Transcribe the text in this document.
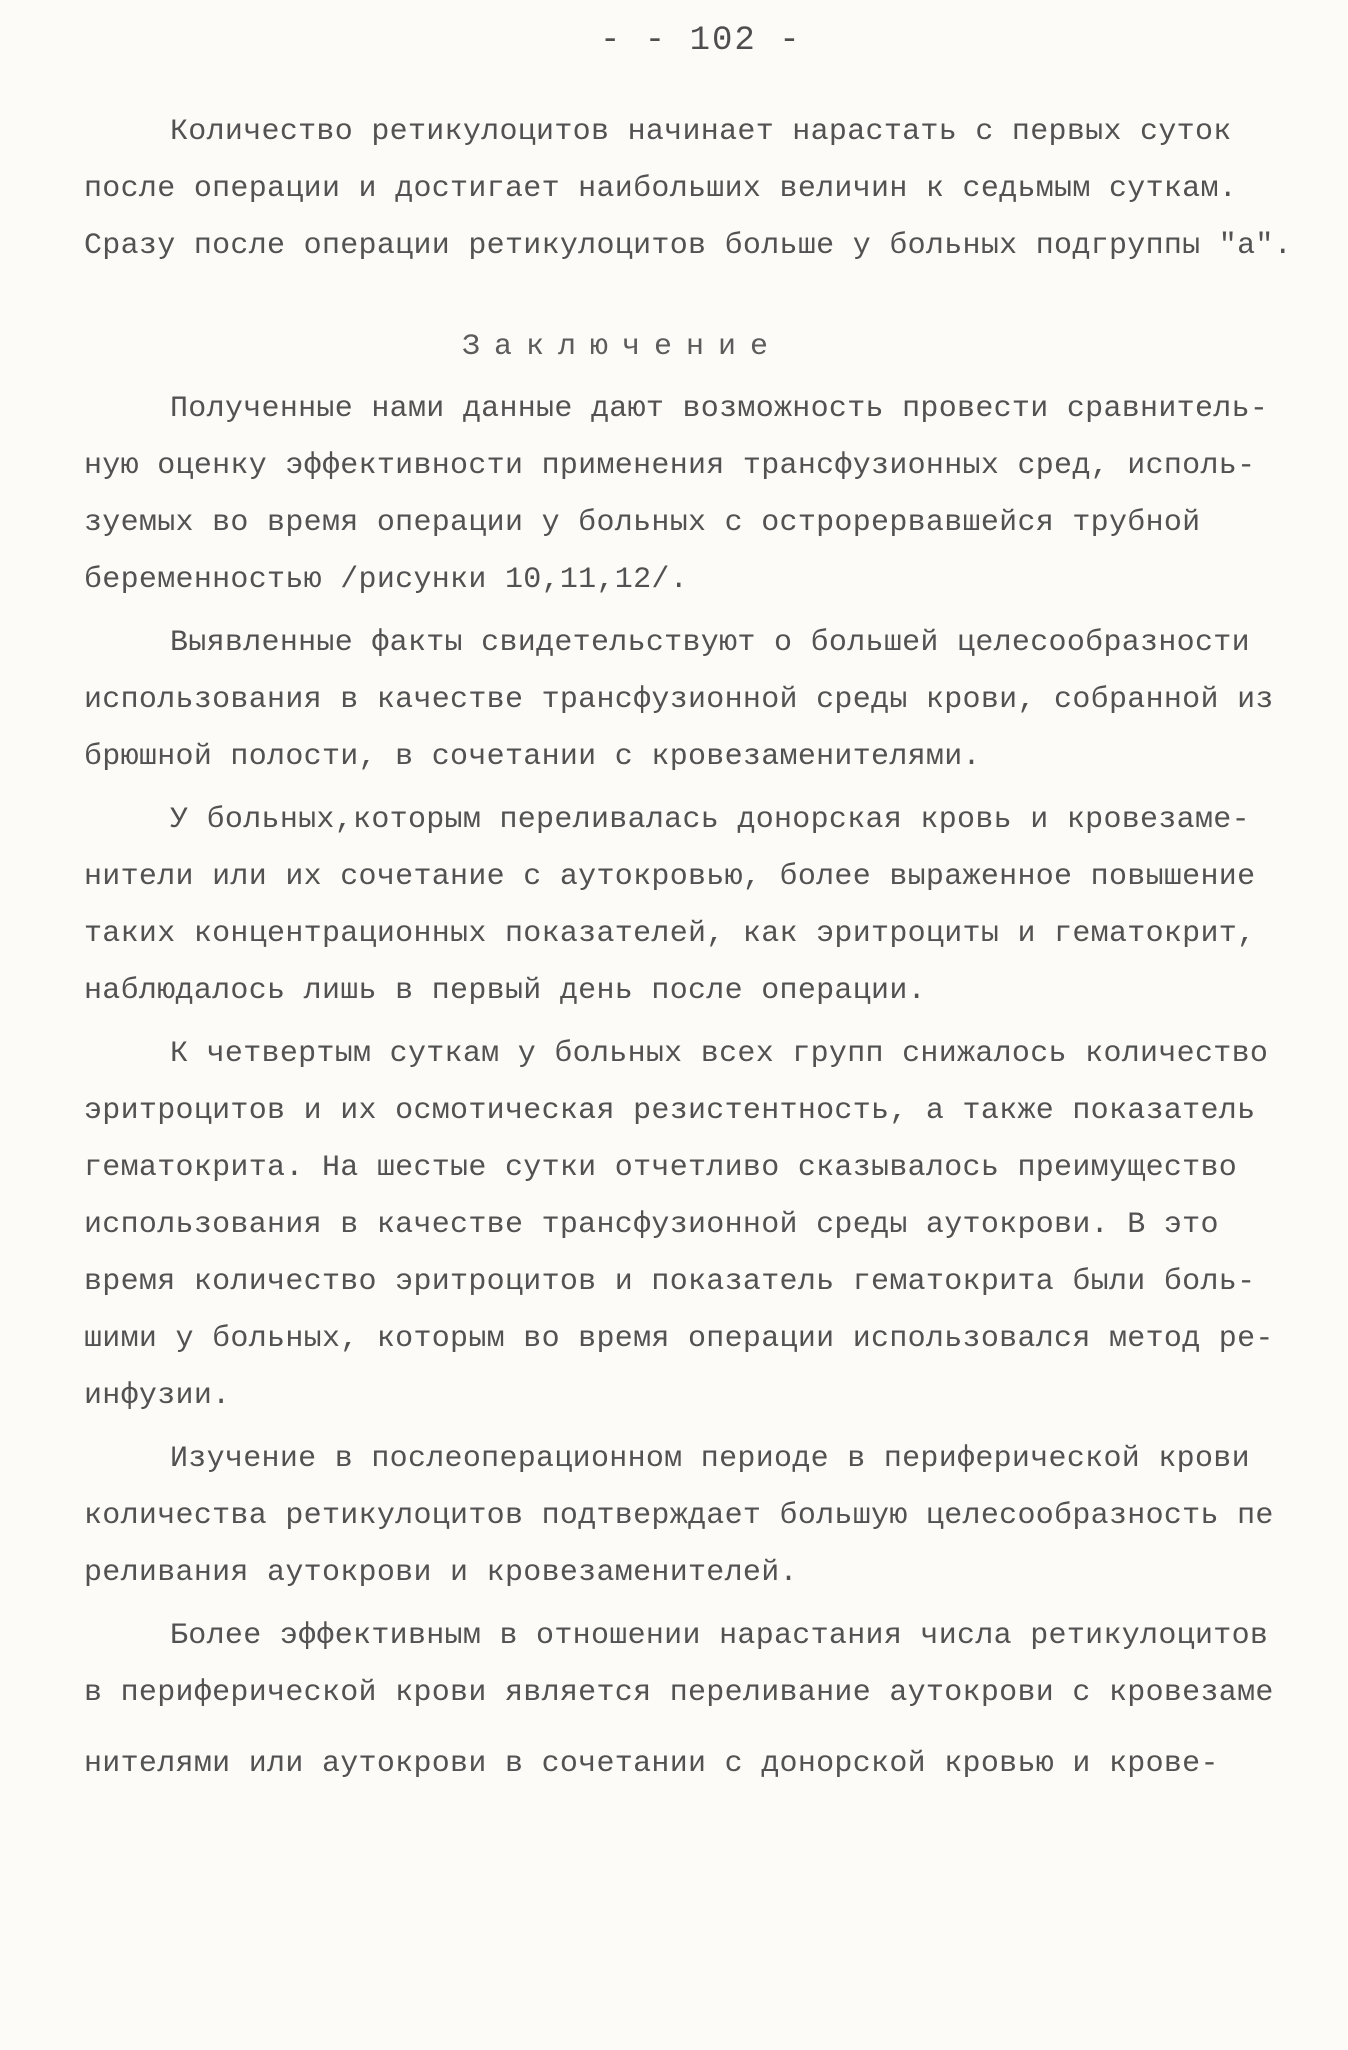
- - 102 -
Количество ретикулоцитов начинает нарастать с первых суток
после операции и достигает наибольших величин к седьмым суткам.
Сразу после операции ретикулоцитов больше у больных подгруппы "а".
Заключение
Полученные нами данные дают возможность провести сравнитель-
ную оценку эффективности применения трансфузионных сред, исполь-
зуемых во время операции у больных с острорервавшейся трубной
беременностью /рисунки 10,11,12/.
Выявленные факты свидетельствуют о большей целесообразности
использования в качестве трансфузионной среды крови, собранной из
брюшной полости, в сочетании с кровезаменителями.
У больных,которым переливалась донорская кровь и кровезаме-
нители или их сочетание с аутокровью, более выраженное повышение
таких концентрационных показателей, как эритроциты и гематокрит,
наблюдалось лишь в первый день после операции.
К четвертым суткам у больных всех групп снижалось количество
эритроцитов и их осмотическая резистентность, а также показатель
гематокрита. На шестые сутки отчетливо сказывалось преимущество
использования в качестве трансфузионной среды аутокрови. В это
время количество эритроцитов и показатель гематокрита были боль-
шими у больных, которым во время операции использовался метод ре-
инфузии.
Изучение в послеоперационном периоде в периферической крови
количества ретикулоцитов подтверждает большую целесообразность пе
реливания аутокрови и кровезаменителей.
Более эффективным в отношении нарастания числа ретикулоцитов
в периферической крови является переливание аутокрови с кровезаме
нителями или аутокрови в сочетании с донорской кровью и крове-
